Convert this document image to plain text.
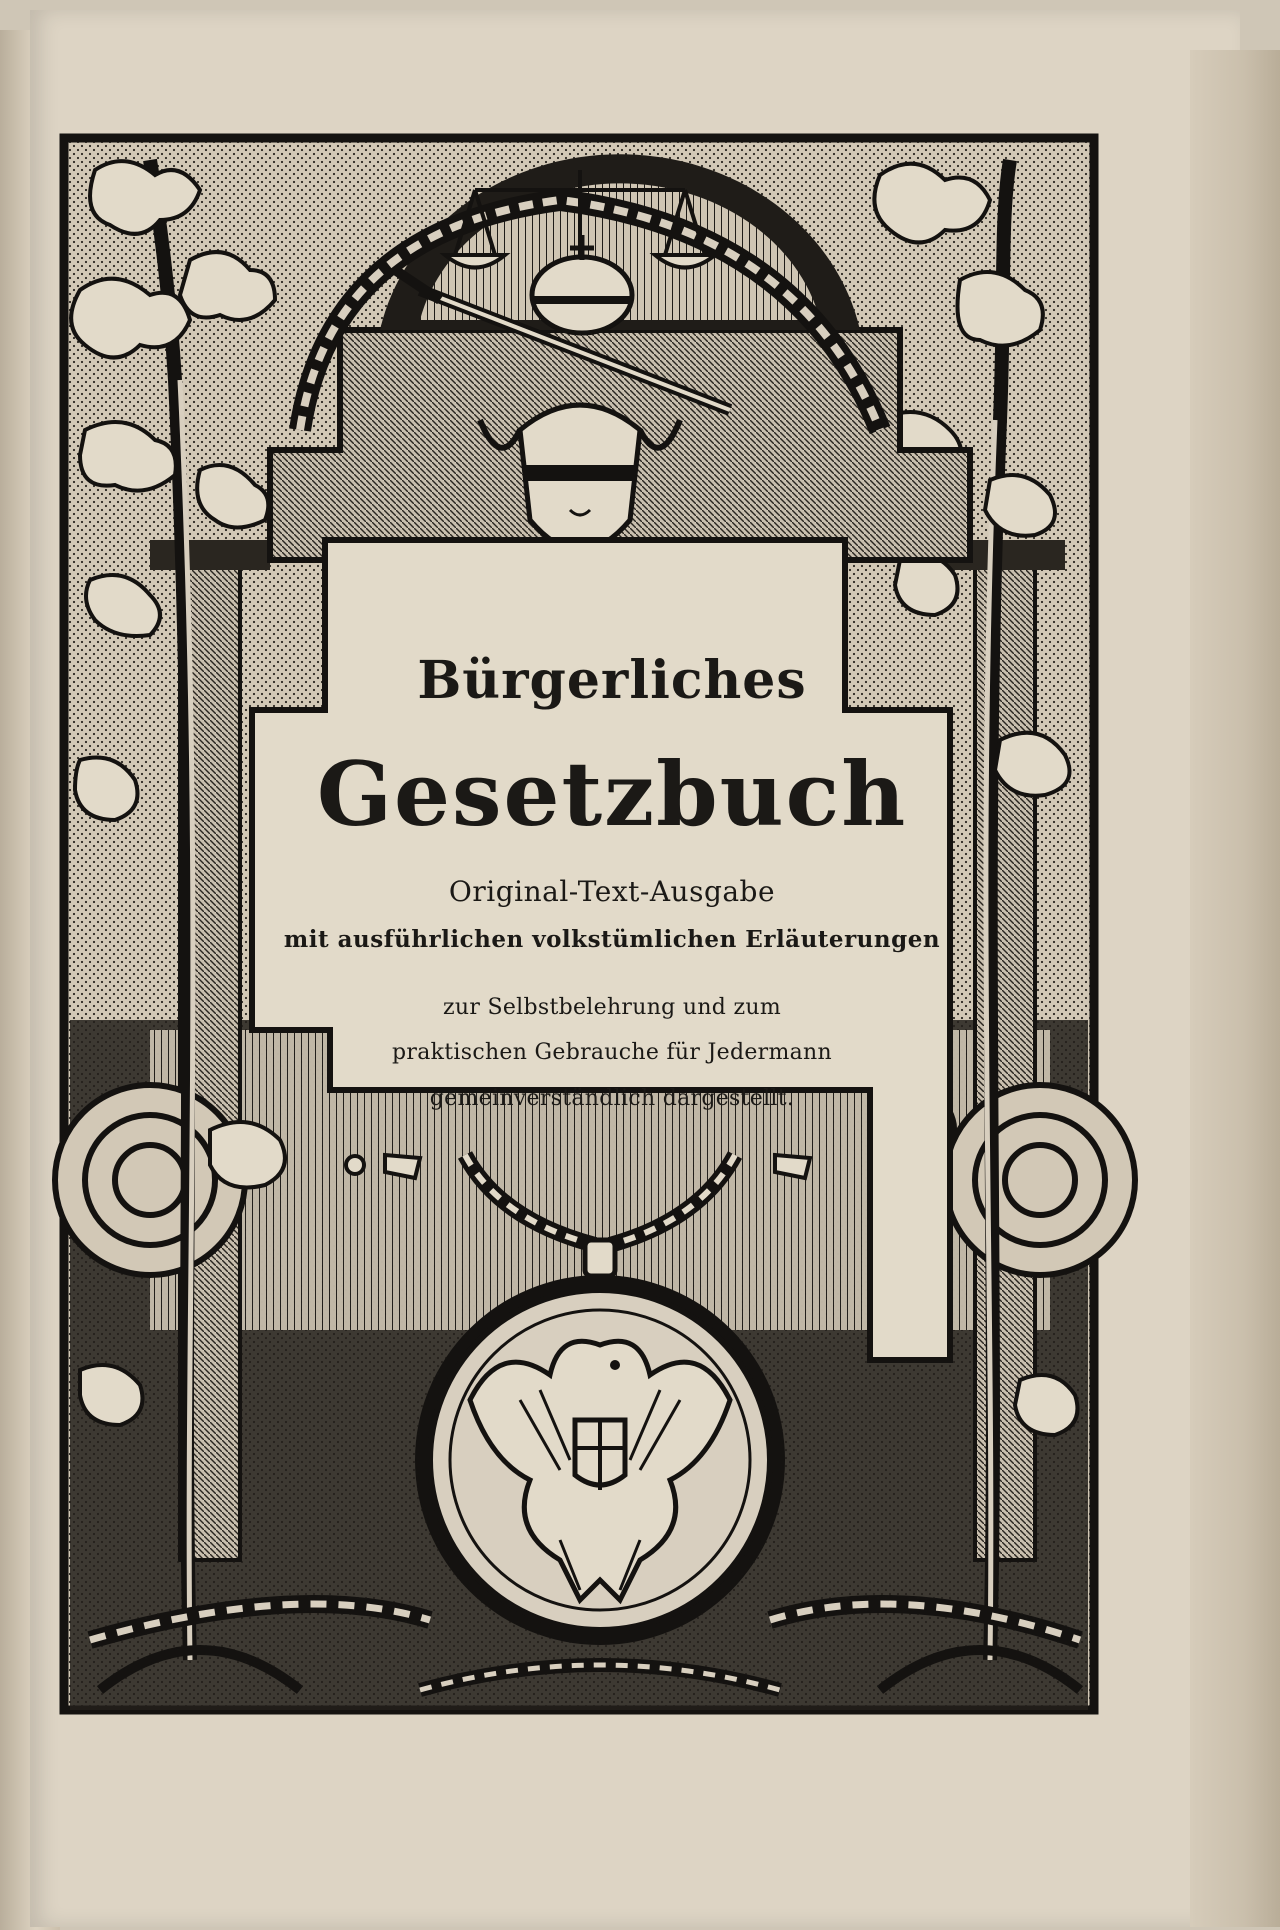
Bürgerliches
Gesetzbuch
Original-Text-Ausgabe
mit ausführlichen volkstümlichen Erläuterungen
zur Selbstbelehrung und zum
praktischen Gebrauche für Jedermann
gemeinverständlich dargestellt.
